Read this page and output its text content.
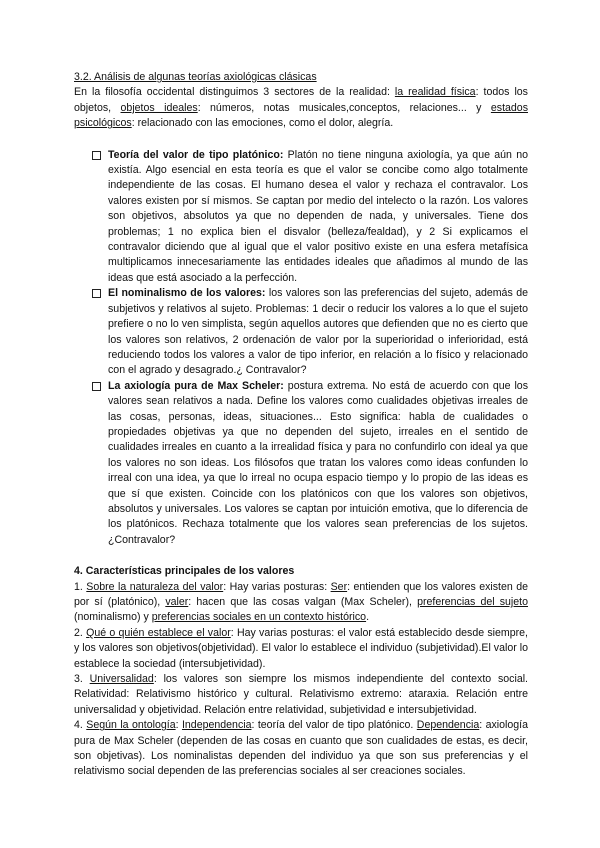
3.2. Análisis de algunas teorías axiológicas clásicas

En la filosofía occidental distinguimos 3 sectores de la realidad: la realidad física: todos los objetos, objetos ideales: números, notas musicales,conceptos, relaciones... y estados psicológicos: relacionado con las emociones, como el dolor, alegría.

Teoría del valor de tipo platónico: Platón no tiene ninguna axiología, ya que aún no existía. Algo esencial en esta teoría es que el valor se concibe como algo totalmente independiente de las cosas. El humano desea el valor y rechaza el contravalor. Los valores existen por sí mismos. Se captan por medio del intelecto o la razón. Los valores son objetivos, absolutos ya que no dependen de nada, y universales. Tiene dos problemas; 1 no explica bien el disvalor (belleza/fealdad), y 2 Si explicamos el contravalor diciendo que al igual que el valor positivo existe en una esfera metafísica multiplicamos innecesariamente las entidades ideales que añadimos al mundo de las ideas que está asociado a la perfección.

El nominalismo de los valores: los valores son las preferencias del sujeto, además de subjetivos y relativos al sujeto. Problemas: 1 decir o reducir los valores a lo que el sujeto prefiere o no lo ven simplista, según aquellos autores que defienden que no es cierto que los valores son relativos, 2 ordenación de valor por la superioridad o inferioridad, está reduciendo todos los valores a valor de tipo inferior, en relación a lo físico y relacionado con el agrado y desagrado.¿ Contravalor?

La axiología pura de Max Scheler: postura extrema. No está de acuerdo con que los valores sean relativos a nada. Define los valores como cualidades objetivas irreales de las cosas, personas, ideas, situaciones... Esto significa: habla de cualidades o propiedades objetivas ya que no dependen del sujeto, irreales en el sentido de cualidades irreales en cuanto a la irrealidad física y para no confundirlo con ideal ya que los valores no son ideas. Los filósofos que tratan los valores como ideas confunden lo irreal con una idea, ya que lo irreal no ocupa espacio tiempo y lo propio de las ideas es que sí que existen. Coincide con los platónicos con que los valores son objetivos, absolutos y universales. Los valores se captan por intuición emotiva, que lo diferencia de los platónicos. Rechaza totalmente que los valores sean preferencias de los sujetos. ¿Contravalor?

4. Características principales de los valores

1. Sobre la naturaleza del valor: Hay varias posturas: Ser: entienden que los valores existen de por sí (platónico), valer: hacen que las cosas valgan (Max Scheler), preferencias del sujeto (nominalismo) y preferencias sociales en un contexto histórico.

2. Qué o quién establece el valor: Hay varias posturas: el valor está establecido desde siempre, y los valores son objetivos(objetividad). El valor lo establece el individuo (subjetividad).El valor lo establece la sociedad (intersubjetividad).

3. Universalidad: los valores son siempre los mismos independiente del contexto social. Relatividad: Relativismo histórico y cultural. Relativismo extremo: ataraxia. Relación entre universalidad y objetividad. Relación entre relatividad, subjetividad e intersubjetividad.

4. Según la ontología: Independencia: teoría del valor de tipo platónico. Dependencia: axiología pura de Max Scheler (dependen de las cosas en cuanto que son cualidades de estas, es decir, son objetivas). Los nominalistas dependen del individuo ya que son sus preferencias y el relativismo social dependen de las preferencias sociales al ser creaciones sociales.
